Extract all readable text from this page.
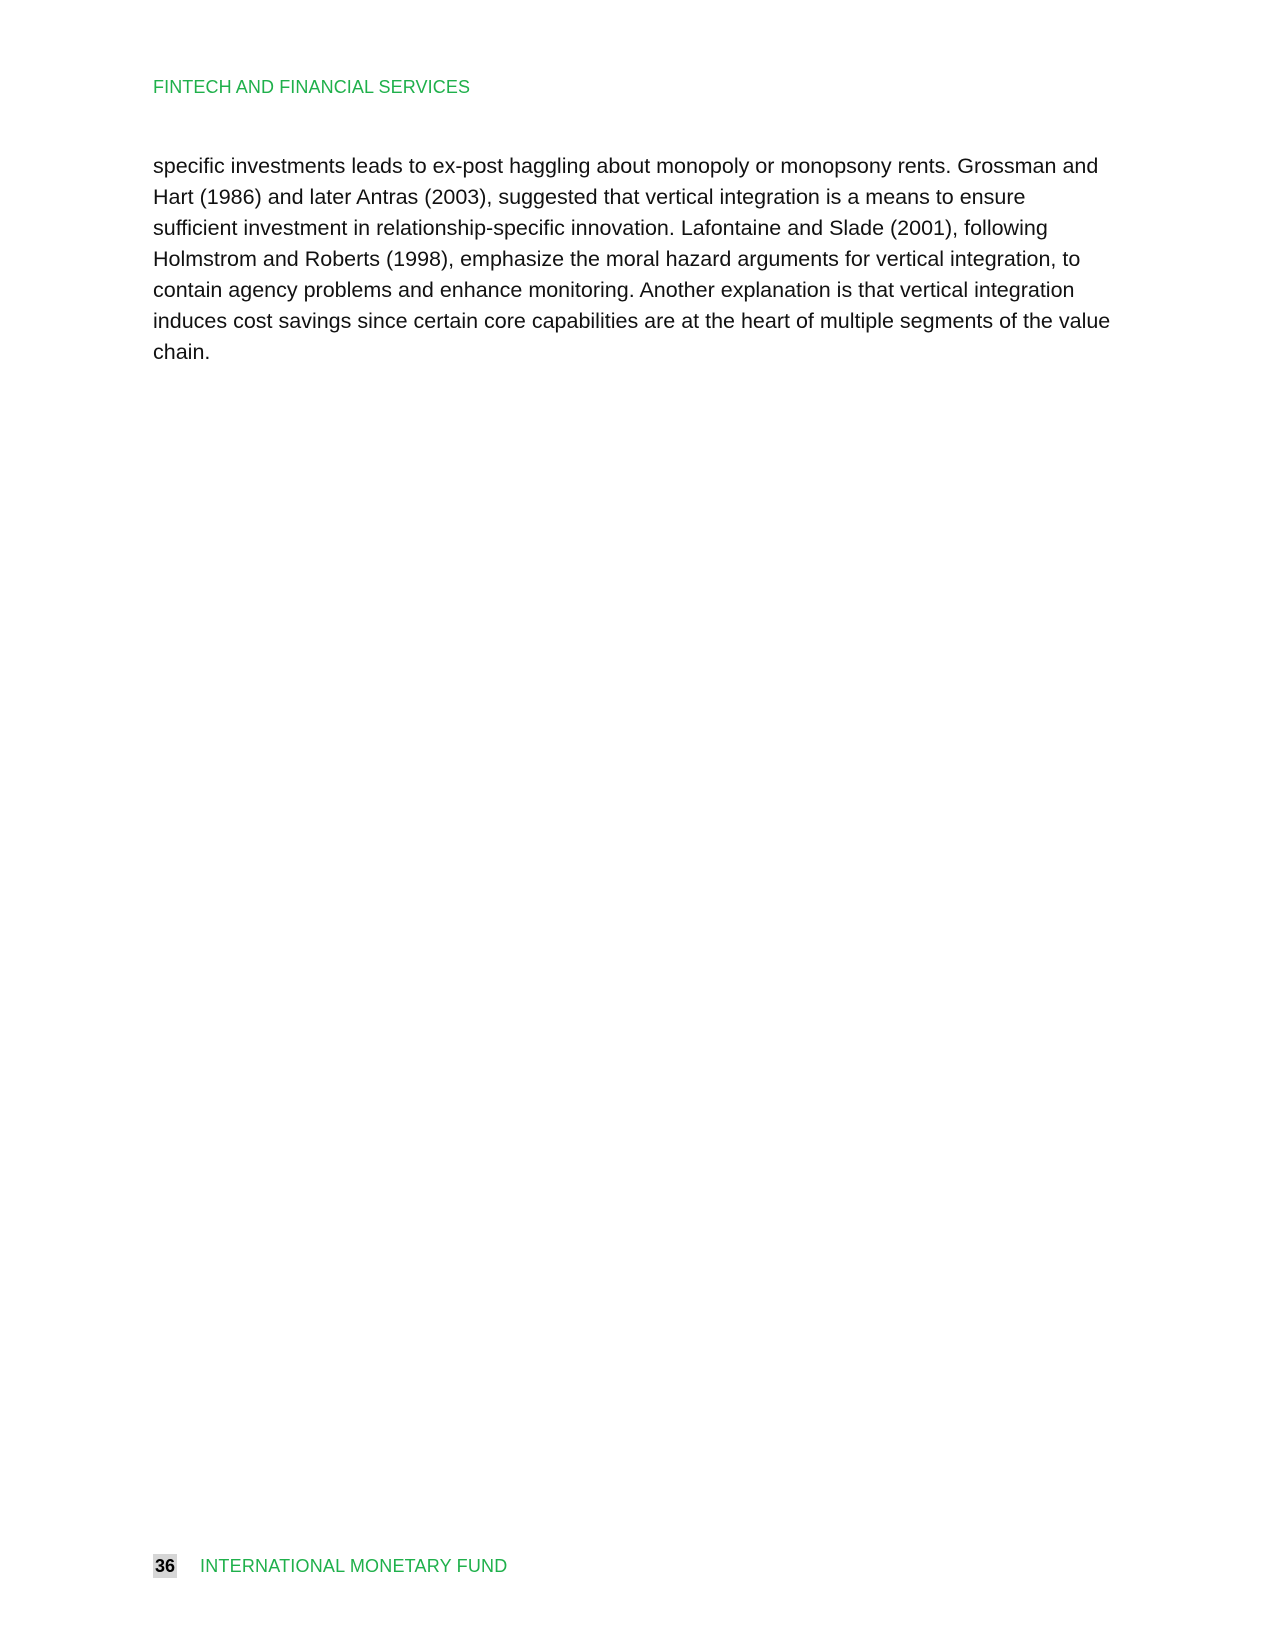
FINTECH AND FINANCIAL SERVICES

specific investments leads to ex-post haggling about monopoly or monopsony rents. Grossman and
Hart (1986) and later Antras (2003), suggested that vertical integration is a means to ensure
sufficient investment in relationship-specific innovation. Lafontaine and Slade (2001), following
Holmstrom and Roberts (1998), emphasize the moral hazard arguments for vertical integration, to
contain agency problems and enhance monitoring. Another explanation is that vertical integration
induces cost savings since certain core capabilities are at the heart of multiple segments of the value
chain.

36 INTERNATIONAL MONETARY FUND
